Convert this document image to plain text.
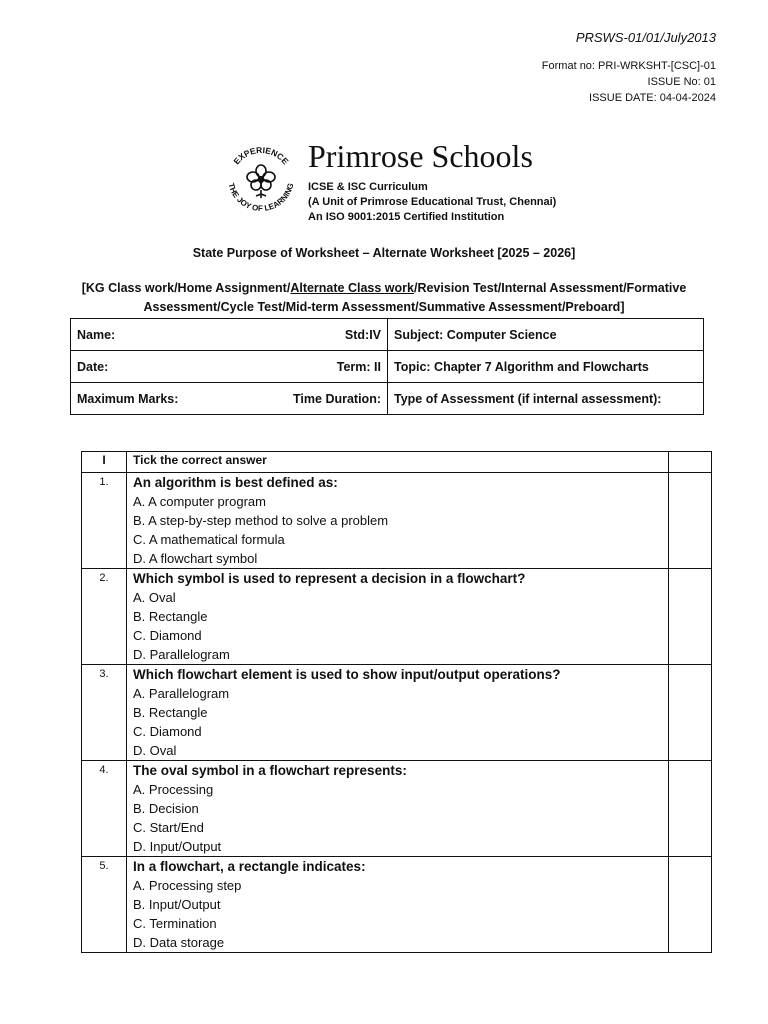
PRSWS-01/01/July2013
Format no: PRI-WRKSHT-[CSC]-01
ISSUE No: 01
ISSUE DATE: 04-04-2024
EXPERIENCE
THE JOY OF LEARNING
Primrose Schools
ICSE & ISC Curriculum
(A Unit of Primrose Educational Trust, Chennai)
An ISO 9001:2015 Certified Institution
State Purpose of Worksheet – Alternate Worksheet [2025 – 2026]
[KG Class work/Home Assignment/Alternate Class work/Revision Test/Internal Assessment/Formative Assessment/Cycle Test/Mid-term Assessment/Summative Assessment/Preboard]
Name: Std:IV	Subject: Computer Science

Date: Term: II	Topic: Chapter 7 Algorithm and Flowcharts

Maximum Marks: Time Duration:	Type of Assessment (if internal assessment):
I	Tick the correct answer	
1.	An algorithm is best defined as:
A. A computer program
B. A step-by-step method to solve a problem
C. A mathematical formula
D. A flowchart symbol	

2.	Which symbol is used to represent a decision in a flowchart?
A. Oval
B. Rectangle
C. Diamond
D. Parallelogram	

3.	Which flowchart element is used to show input/output operations?
A. Parallelogram
B. Rectangle
C. Diamond
D. Oval	

4.	The oval symbol in a flowchart represents:
A. Processing
B. Decision
C. Start/End
D. Input/Output	

5.	In a flowchart, a rectangle indicates:
A. Processing step
B. Input/Output
C. Termination
D. Data storage	
